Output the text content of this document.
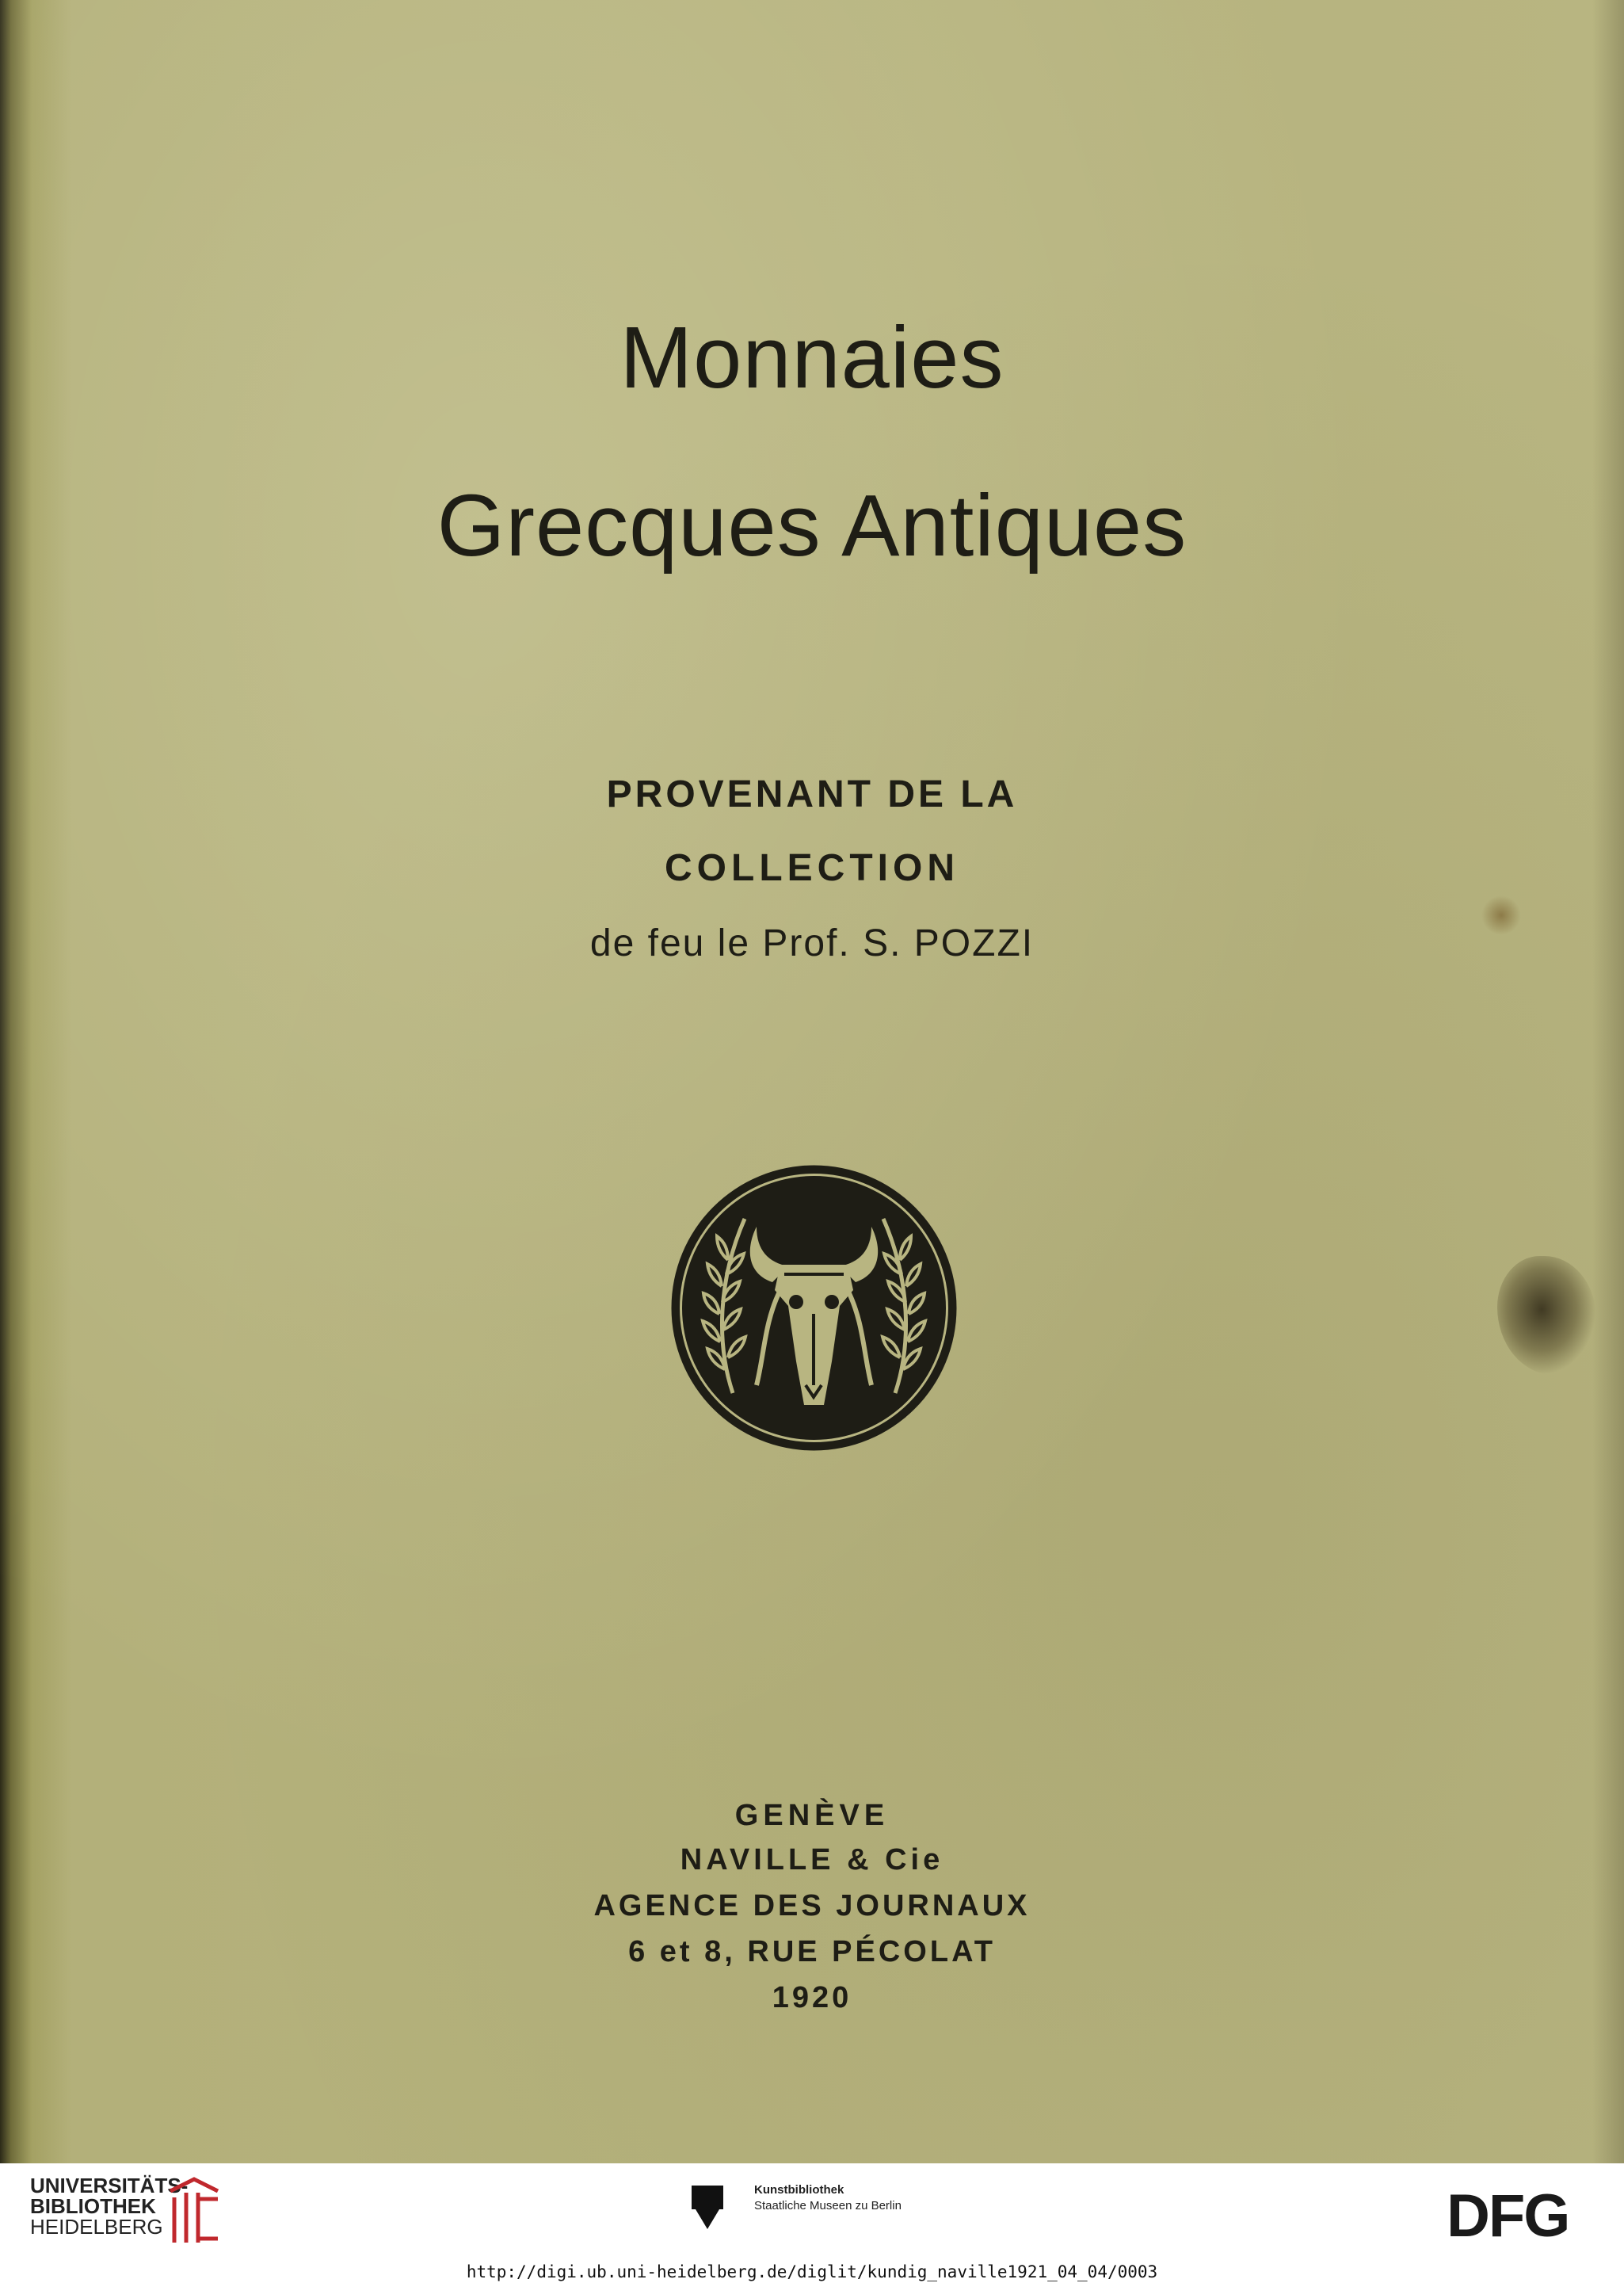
Monnaies
Grecques Antiques

PROVENANT DE LA

COLLECTION

de feu le Prof. S. POZZI

GENÈVE

NAVILLE & Cie

AGENCE DES JOURNAUX

6 et 8, RUE PÉCOLAT

1920

UNIVERSITÄTS-
BIBLIOTHEK
HEIDELBERG
Kunstbibliothek
Staatliche Museen zu Berlin	DFG
http://digi.ub.uni-heidelberg.de/diglit/kundig_naville1921_04_04/0003
